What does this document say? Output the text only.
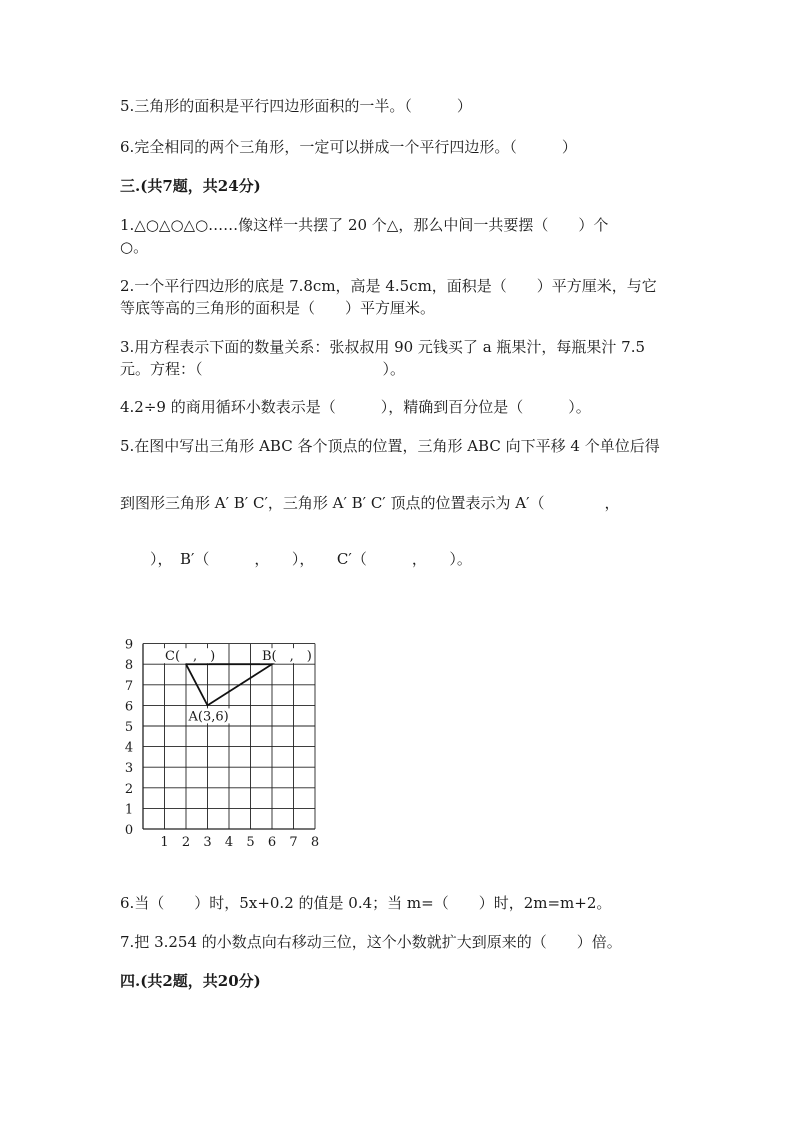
5.三角形的面积是平行四边形面积的一半。（　　　）
6.完全相同的两个三角形，一定可以拼成一个平行四边形。（　　　）
三.(共7题，共24分)
1.△○△○△○……像这样一共摆了 20 个△，那么中间一共要摆（　　）个
○。
2.一个平行四边形的底是 7.8cm，高是 4.5cm，面积是（　　）平方厘米，与它
等底等高的三角形的面积是（　　）平方厘米。
3.用方程表示下面的数量关系：张叔叔用 90 元钱买了 a 瓶果汁，每瓶果汁 7.5
元。方程：（　　　　　　　　　　　　）。
4.2÷9 的商用循环小数表示是（　　　），精确到百分位是（　　　）。
5.在图中写出三角形 ABC 各个顶点的位置，三角形 ABC 向下平移 4 个单位后得
到图形三角形 A′ B′ C′，三角形 A′ B′ C′ 顶点的位置表示为 A′（　　　　，
　　），　B′（　　　，　　），　　C′（　　　，　　）。
1 2 3 4 5 6 7 8
0
1
2
3
4
5
6
7
8
9
C(　,　)	B(　,　)
A(3,6)
6.当（　　）时，5x+0.2 的值是 0.4；当 m=（　　）时，2m=m+2。
7.把 3.254 的小数点向右移动三位，这个小数就扩大到原来的（　　）倍。
四.(共2题，共20分)
